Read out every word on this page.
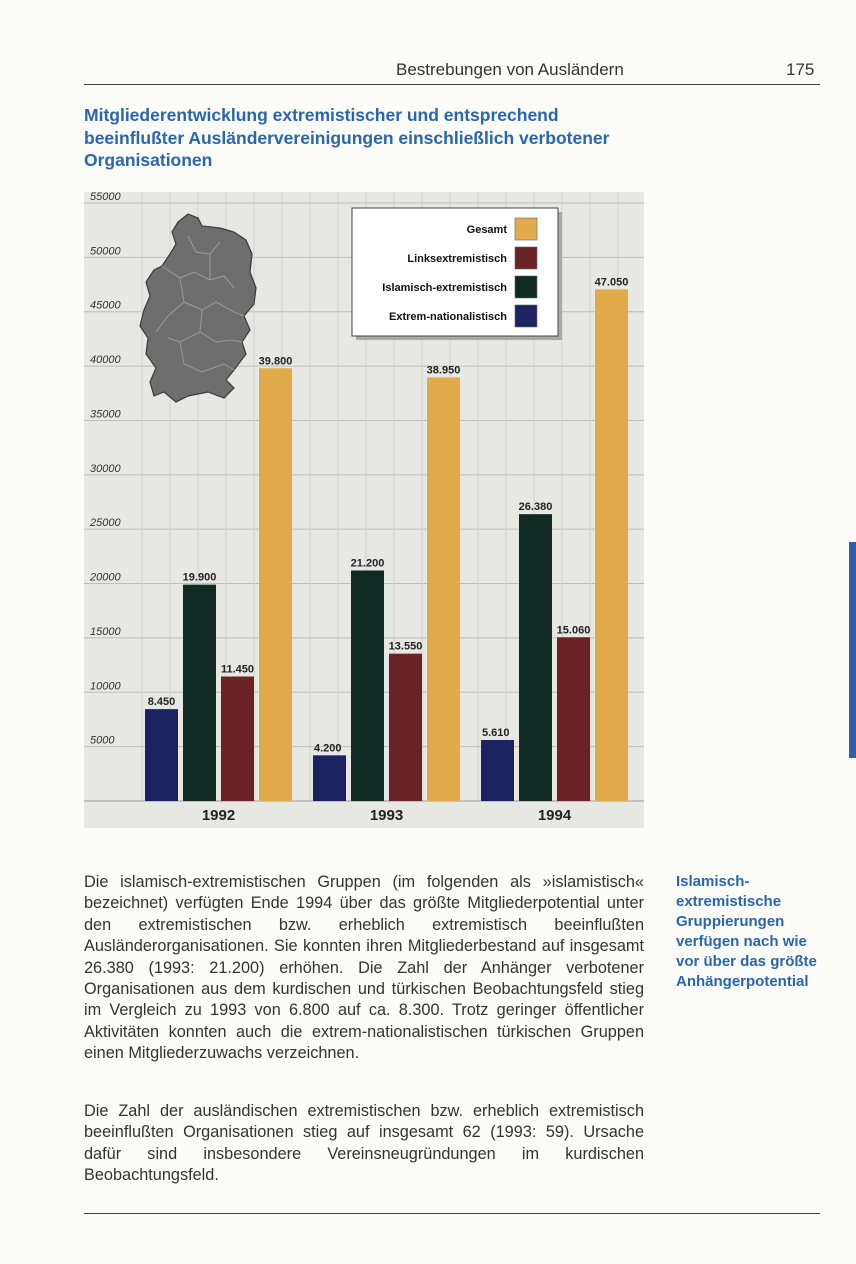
Bestrebungen von Ausländern	175
Mitgliederentwicklung extremistischer und entsprechend beeinflußter Ausländervereinigungen einschließlich verbotener Organisationen
5000
10000
15000
20000
25000
30000
35000
40000
45000
50000
55000
8.450
4.200
5.610
19.900
21.200
26.380
11.450
13.550
15.060
39.800
38.950
47.050
1992	1993	1994
Gesamt
Linksextremistisch
Islamisch-extremistisch
Extrem-nationalistisch

Die islamisch-extremistischen Gruppen (im folgenden als »islamistisch« bezeichnet) verfügten Ende 1994 über das größte Mitgliederpotential unter den extremistischen bzw. erheblich extremistisch beeinflußten Ausländerorganisationen. Sie konnten ihren Mitgliederbestand auf insgesamt 26.380 (1993: 21.200) erhöhen. Die Zahl der Anhänger verbotener Organisationen aus dem kurdischen und türkischen Beobachtungsfeld stieg im Vergleich zu 1993 von 6.800 auf ca. 8.300. Trotz geringer öffentlicher Aktivitäten konnten auch die extrem-nationalistischen türkischen Gruppen einen Mitgliederzuwachs verzeichnen.

Die Zahl der ausländischen extremistischen bzw. erheblich extremistisch beeinflußten Organisationen stieg auf insgesamt 62 (1993: 59). Ursache dafür sind insbesondere Vereinsneugründungen im kurdischen Beobachtungsfeld.

Islamisch-extremistische Gruppierungen verfügen nach wie vor über das größte Anhängerpotential
